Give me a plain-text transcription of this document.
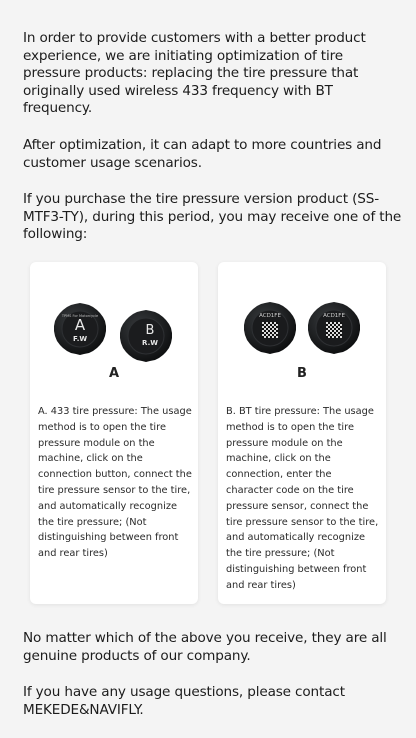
In order to provide customers with a better product experience, we are initiating optimization of tire pressure products: replacing the tire pressure that originally used wireless 433 frequency with BT frequency.

After optimization, it can adapt to more countries and customer usage scenarios.

If you purchase the tire pressure version product (SS-MTF3-TY), during this period, you may receive one of the following:

A
F.W
TPMS For Motorcycle
B
R.W
A

A. 433 tire pressure: The usage method is to open the tire pressure module on the machine, click on the connection button, connect the tire pressure sensor to the tire, and automatically recognize the tire pressure; (Not distinguishing between front and rear tires)

ACD1FE	ACD1FE
B

B. BT tire pressure: The usage method is to open the tire pressure module on the machine, click on the connection, enter the character code on the tire pressure sensor, connect the tire pressure sensor to the tire, and automatically recognize the tire pressure; (Not distinguishing between front and rear tires)

No matter which of the above you receive, they are all genuine products of our company.

If you have any usage questions, please contact MEKEDE&NAVIFLY.
